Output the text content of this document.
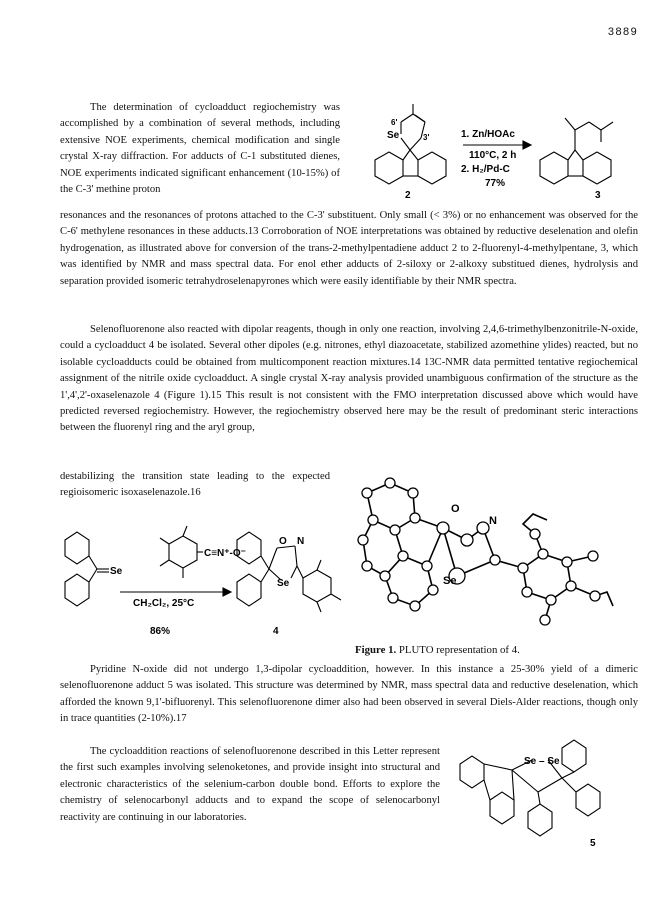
3889

The determination of cycloadduct regiochemistry was accomplished by a combination of several methods, including extensive NOE experiments, chemical modification and single crystal X-ray diffraction. For adducts of C-1 substituted dienes, NOE experiments indicated significant enhancement (10-15%) of the C-3' methine proton

6'
Se	3'	1. Zn/HOAc
110°C, 2 h
2. H₂/Pd-C
77%
2	3

resonances and the resonances of protons attached to the C-3' substituent. Only small (< 3%) or no enhancement was observed for the C-6' methylene resonances in these adducts.13 Corroboration of NOE interpretations was obtained by reductive deselenation and olefin hydrogenation, as illustrated above for conversion of the trans-2-methylpentadiene adduct 2 to 2-fluorenyl-4-methylpentane, 3, which was identified by NMR and mass spectral data. For enol ether adducts of 2-siloxy or 2-alkoxy substitued dienes, hydrolysis and separation provided isomeric tetrahydroselenapyrones which were easily identifiable by their NMR spectra.

Selenofluorenone also reacted with dipolar reagents, though in only one reaction, involving 2,4,6-trimethylbenzonitrile-N-oxide, could a cycloadduct 4 be isolated. Several other dipoles (e.g. nitrones, ethyl diazoacetate, stabilized azomethine ylides) reacted, but no isolable cycloadducts could be obtained from multicomponent reaction mixtures.14 13C-NMR data permitted tentative regiochemical assignment of the nitrile oxide cycloadduct. A single crystal X-ray analysis provided unambiguous confirmation of the structure as the 1',4',2'-oxaselenazole 4 (Figure 1).15 This result is not consistent with the FMO interpretation discussed above which would have predicted reversed regiochemistry. However, the regiochemistry observed here may be the result of predominant steric interactions between the fluorenyl ring and the aryl group,

destabilizing the transition state leading to the expected regioisomeric isoxaselenazole.16

Se
C≡N⁺-O⁻
CH₂Cl₂, 25°C
86%
O N
Se
4
O
N
Se

Figure 1. PLUTO representation of 4.

Pyridine N-oxide did not undergo 1,3-dipolar cycloaddition, however. In this instance a 25-30% yield of a dimeric selenofluorenone adduct 5 was isolated. This structure was determined by NMR, mass spectral data and reductive deselenation, which afforded the known 9,1'-bifluorenyl. This selenofluorenone dimer also had been observed in several Diels-Alder reactions, though only in trace quantities (2-10%).17

The cycloaddition reactions of selenofluorenone described in this Letter represent the first such examples involving selenoketones, and provide insight into structural and electronic characteristics of the selenium-carbon double bond. Efforts to explore the chemistry of selenocarbonyl adducts and to expand the scope of selenocarbonyl reactivity are continuing in our laboratories.

Se – Se
5
